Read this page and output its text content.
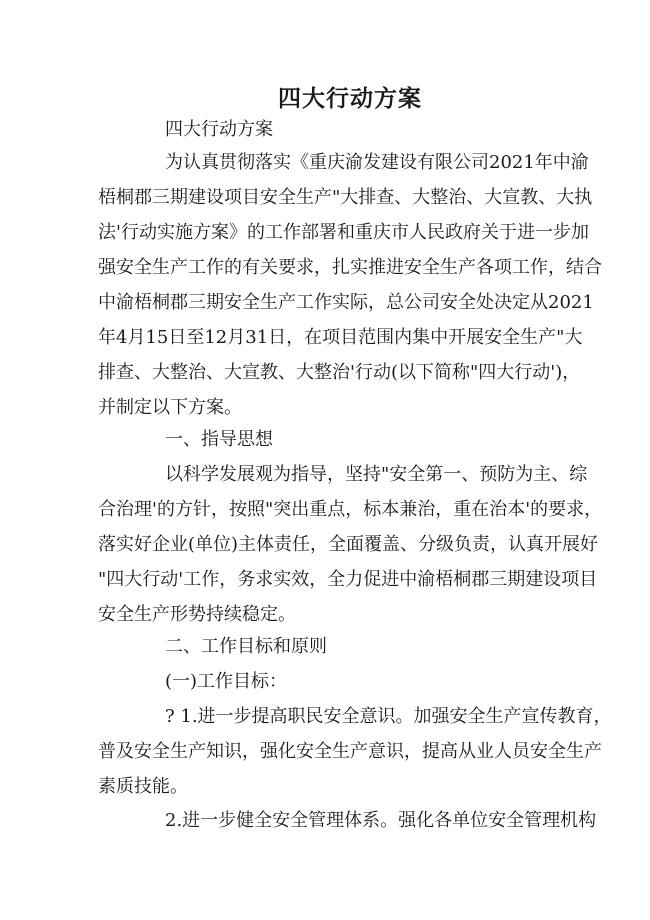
四大行动方案
四大行动方案
为认真贯彻落实《重庆渝发建设有限公司2021年中渝
梧桐郡三期建设项目安全生产"大排查、大整治、大宣教、大执
法'行动实施方案》的工作部署和重庆市人民政府关于进一步加
强安全生产工作的有关要求，扎实推进安全生产各项工作，结合
中渝梧桐郡三期安全生产工作实际，总公司安全处决定从2021
年4月15日至12月31日，在项目范围内集中开展安全生产"大
排查、大整治、大宣教、大整治'行动(以下简称"四大行动')，
并制定以下方案。
一、指导思想
以科学发展观为指导，坚持"安全第一、预防为主、综
合治理'的方针，按照"突出重点，标本兼治，重在治本'的要求，
落实好企业(单位)主体责任，全面覆盖、分级负责，认真开展好
"四大行动'工作，务求实效，全力促进中渝梧桐郡三期建设项目
安全生产形势持续稳定。
二、工作目标和原则
(一)工作目标：
? 1.进一步提高职民安全意识。加强安全生产宣传教育，
普及安全生产知识，强化安全生产意识，提高从业人员安全生产
素质技能。
2.进一步健全安全管理体系。强化各单位安全管理机构
